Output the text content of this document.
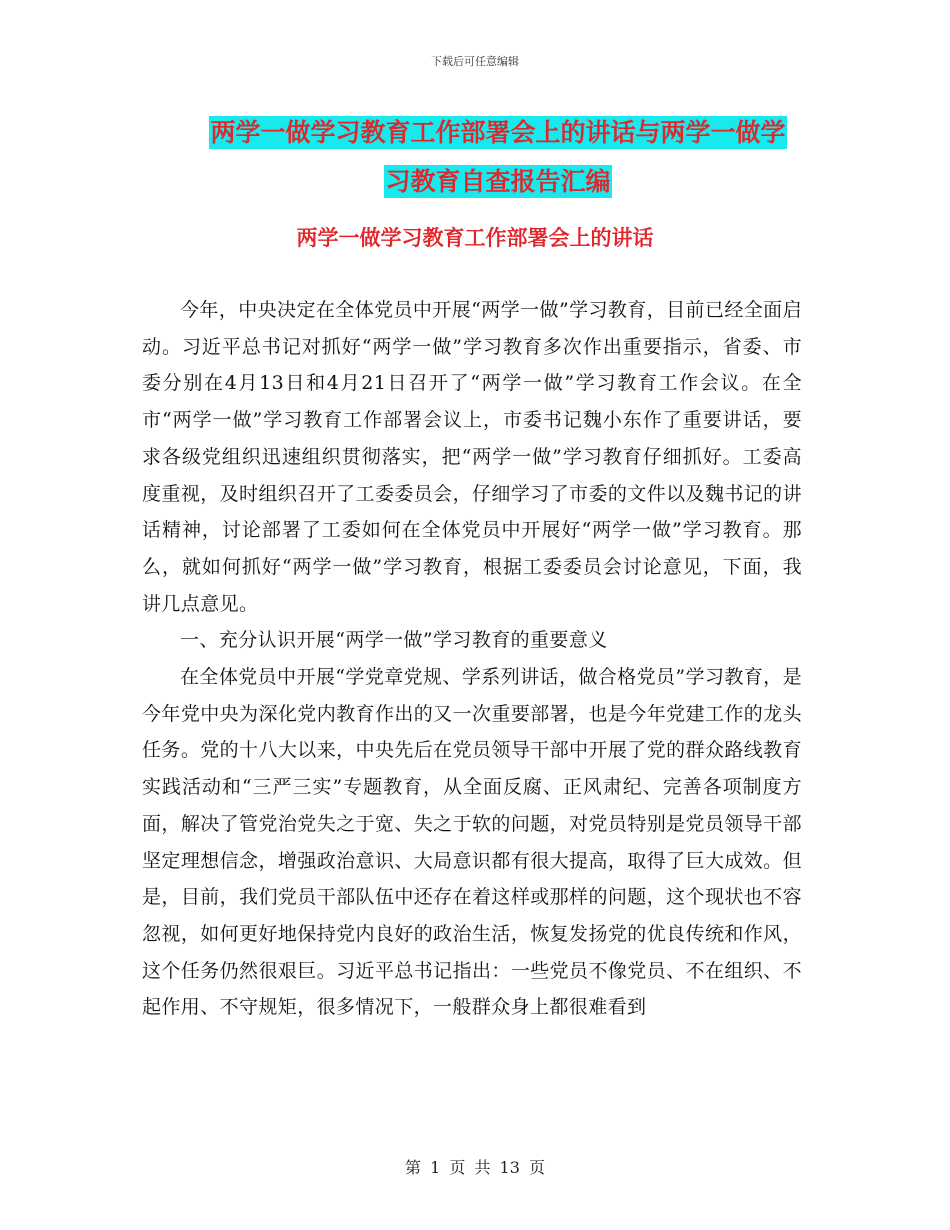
下载后可任意编辑
两学一做学习教育工作部署会上的讲话与两学一做学
习教育自查报告汇编
两学一做学习教育工作部署会上的讲话

今年，中央决定在全体党员中开展“两学一做”学习教育，目前已经全面启动。习近平总书记对抓好“两学一做”学习教育多次作出重要指示，省委、市委分别在4月13日和4月21日召开了“两学一做”学习教育工作会议。在全市“两学一做”学习教育工作部署会议上，市委书记魏小东作了重要讲话，要求各级党组织迅速组织贯彻落实，把“两学一做”学习教育仔细抓好。工委高度重视，及时组织召开了工委委员会，仔细学习了市委的文件以及魏书记的讲话精神，讨论部署了工委如何在全体党员中开展好“两学一做”学习教育。那么，就如何抓好“两学一做”学习教育，根据工委委员会讨论意见，下面，我讲几点意见。

一、充分认识开展“两学一做”学习教育的重要意义

在全体党员中开展“学党章党规、学系列讲话，做合格党员”学习教育，是今年党中央为深化党内教育作出的又一次重要部署，也是今年党建工作的龙头任务。党的十八大以来，中央先后在党员领导干部中开展了党的群众路线教育实践活动和“三严三实”专题教育，从全面反腐、正风肃纪、完善各项制度方面，解决了管党治党失之于宽、失之于软的问题，对党员特别是党员领导干部坚定理想信念，增强政治意识、大局意识都有很大提高，取得了巨大成效。但是，目前，我们党员干部队伍中还存在着这样或那样的问题，这个现状也不容忽视，如何更好地保持党内良好的政治生活，恢复发扬党的优良传统和作风，这个任务仍然很艰巨。习近平总书记指出：一些党员不像党员、不在组织、不起作用、不守规矩，很多情况下，一般群众身上都很难看到

第 1 页 共 13 页
